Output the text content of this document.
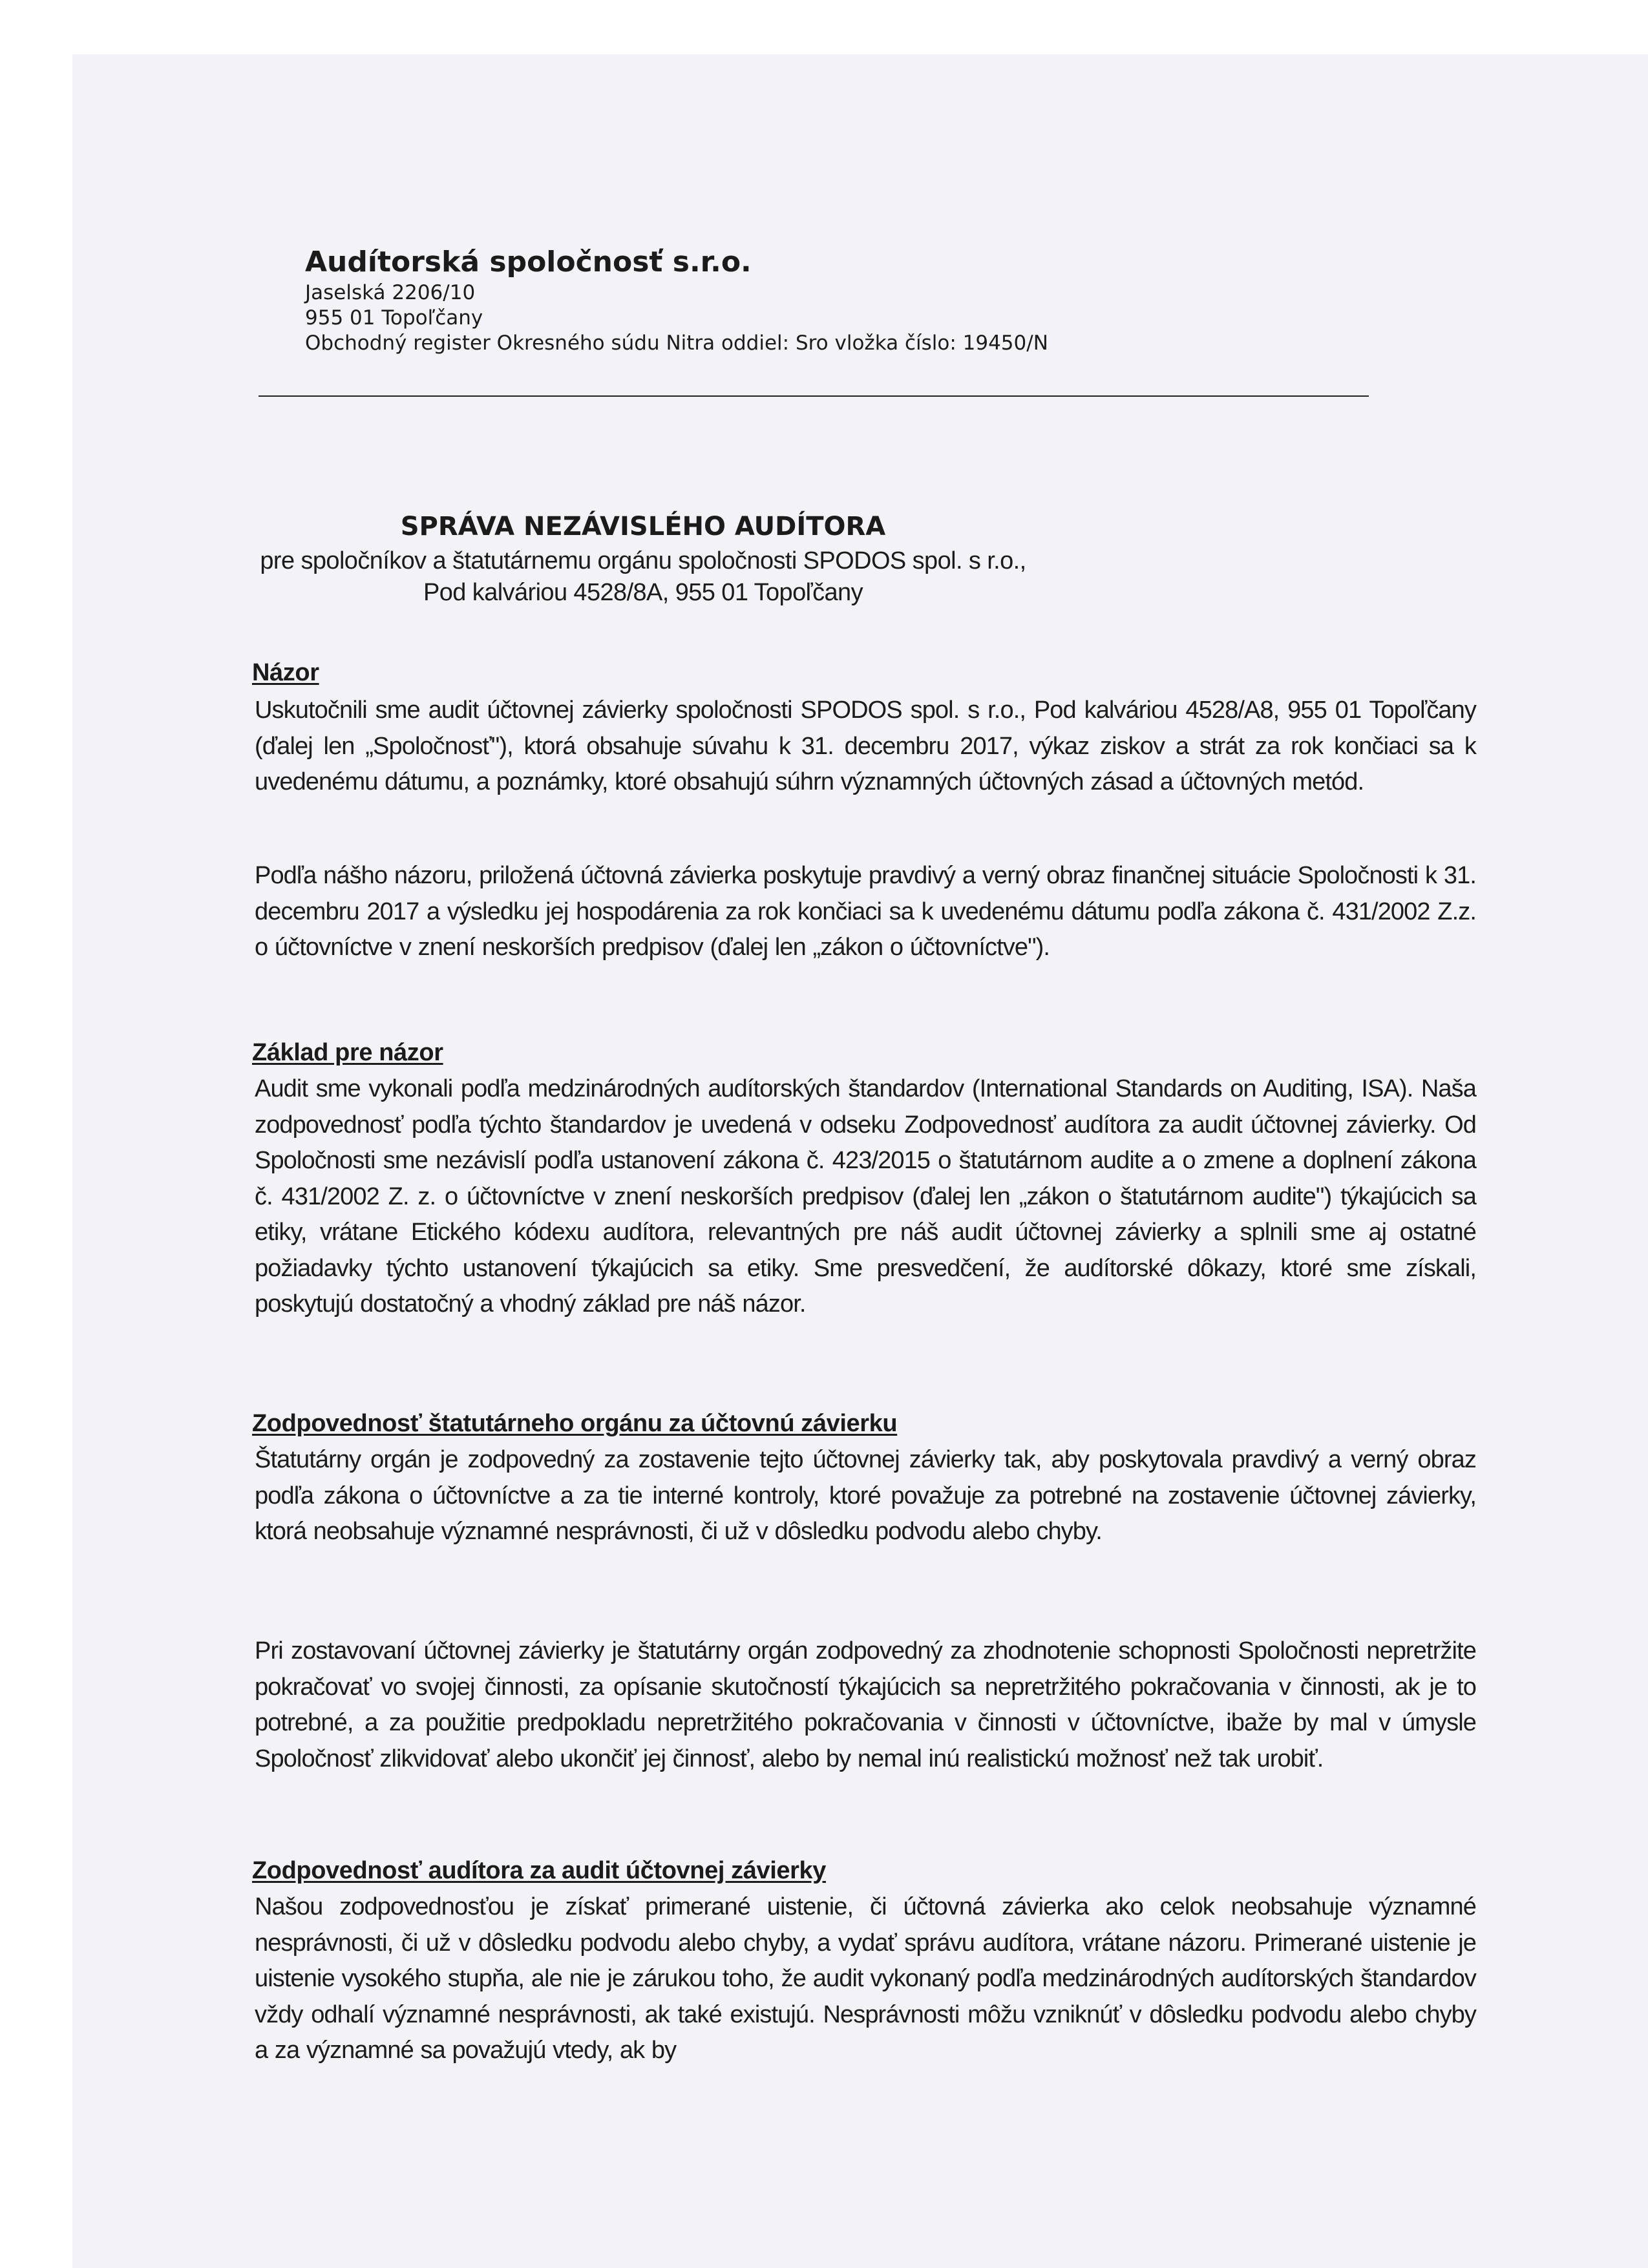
Audítorská spoločnosť s.r.o.
Jaselská 2206/10
955 01 Topoľčany
Obchodný register Okresného súdu Nitra oddiel: Sro vložka číslo: 19450/N
SPRÁVA NEZÁVISLÉHO AUDÍTORA
pre spoločníkov a štatutárnemu orgánu spoločnosti SPODOS spol. s r.o.,
Pod kalváriou 4528/8A, 955 01 Topoľčany
Názor
Uskutočnili sme audit účtovnej závierky spoločnosti SPODOS spol. s r.o., Pod kalváriou 4528/A8, 955 01 Topoľčany (ďalej len „Spoločnosť"), ktorá obsahuje súvahu k 31. decembru 2017, výkaz ziskov a strát za rok končiaci sa k uvedenému dátumu, a poznámky, ktoré obsahujú súhrn významných účtovných zásad a účtovných metód.
Podľa nášho názoru, priložená účtovná závierka poskytuje pravdivý a verný obraz finančnej situácie Spoločnosti k 31. decembru 2017 a výsledku jej hospodárenia za rok končiaci sa k uvedenému dátumu podľa zákona č. 431/2002 Z.z. o účtovníctve v znení neskorších predpisov (ďalej len „zákon o účtovníctve").
Základ pre názor
Audit sme vykonali podľa medzinárodných audítorských štandardov (International Standards on Auditing, ISA). Naša zodpovednosť podľa týchto štandardov je uvedená v odseku Zodpovednosť audítora za audit účtovnej závierky. Od Spoločnosti sme nezávislí podľa ustanovení zákona č. 423/2015 o štatutárnom audite a o zmene a doplnení zákona č. 431/2002 Z. z. o účtovníctve v znení neskorších predpisov (ďalej len „zákon o štatutárnom audite") týkajúcich sa etiky, vrátane Etického kódexu audítora, relevantných pre náš audit účtovnej závierky a splnili sme aj ostatné požiadavky týchto ustanovení týkajúcich sa etiky. Sme presvedčení, že audítorské dôkazy, ktoré sme získali, poskytujú dostatočný a vhodný základ pre náš názor.
Zodpovednosť štatutárneho orgánu za účtovnú závierku
Štatutárny orgán je zodpovedný za zostavenie tejto účtovnej závierky tak, aby poskytovala pravdivý a verný obraz podľa zákona o účtovníctve a za tie interné kontroly, ktoré považuje za potrebné na zostavenie účtovnej závierky, ktorá neobsahuje významné nesprávnosti, či už v dôsledku podvodu alebo chyby.
Pri zostavovaní účtovnej závierky je štatutárny orgán zodpovedný za zhodnotenie schopnosti Spoločnosti nepretržite pokračovať vo svojej činnosti, za opísanie skutočností týkajúcich sa nepretržitého pokračovania v činnosti, ak je to potrebné, a za použitie predpokladu nepretržitého pokračovania v činnosti v účtovníctve, ibaže by mal v úmysle Spoločnosť zlikvidovať alebo ukončiť jej činnosť, alebo by nemal inú realistickú možnosť než tak urobiť.
Zodpovednosť audítora za audit účtovnej závierky
Našou zodpovednosťou je získať primerané uistenie, či účtovná závierka ako celok neobsahuje významné nesprávnosti, či už v dôsledku podvodu alebo chyby, a vydať správu audítora, vrátane názoru. Primerané uistenie je uistenie vysokého stupňa, ale nie je zárukou toho, že audit vykonaný podľa medzinárodných audítorských štandardov vždy odhalí významné nesprávnosti, ak také existujú. Nesprávnosti môžu vzniknúť v dôsledku podvodu alebo chyby a za významné sa považujú vtedy, ak by
